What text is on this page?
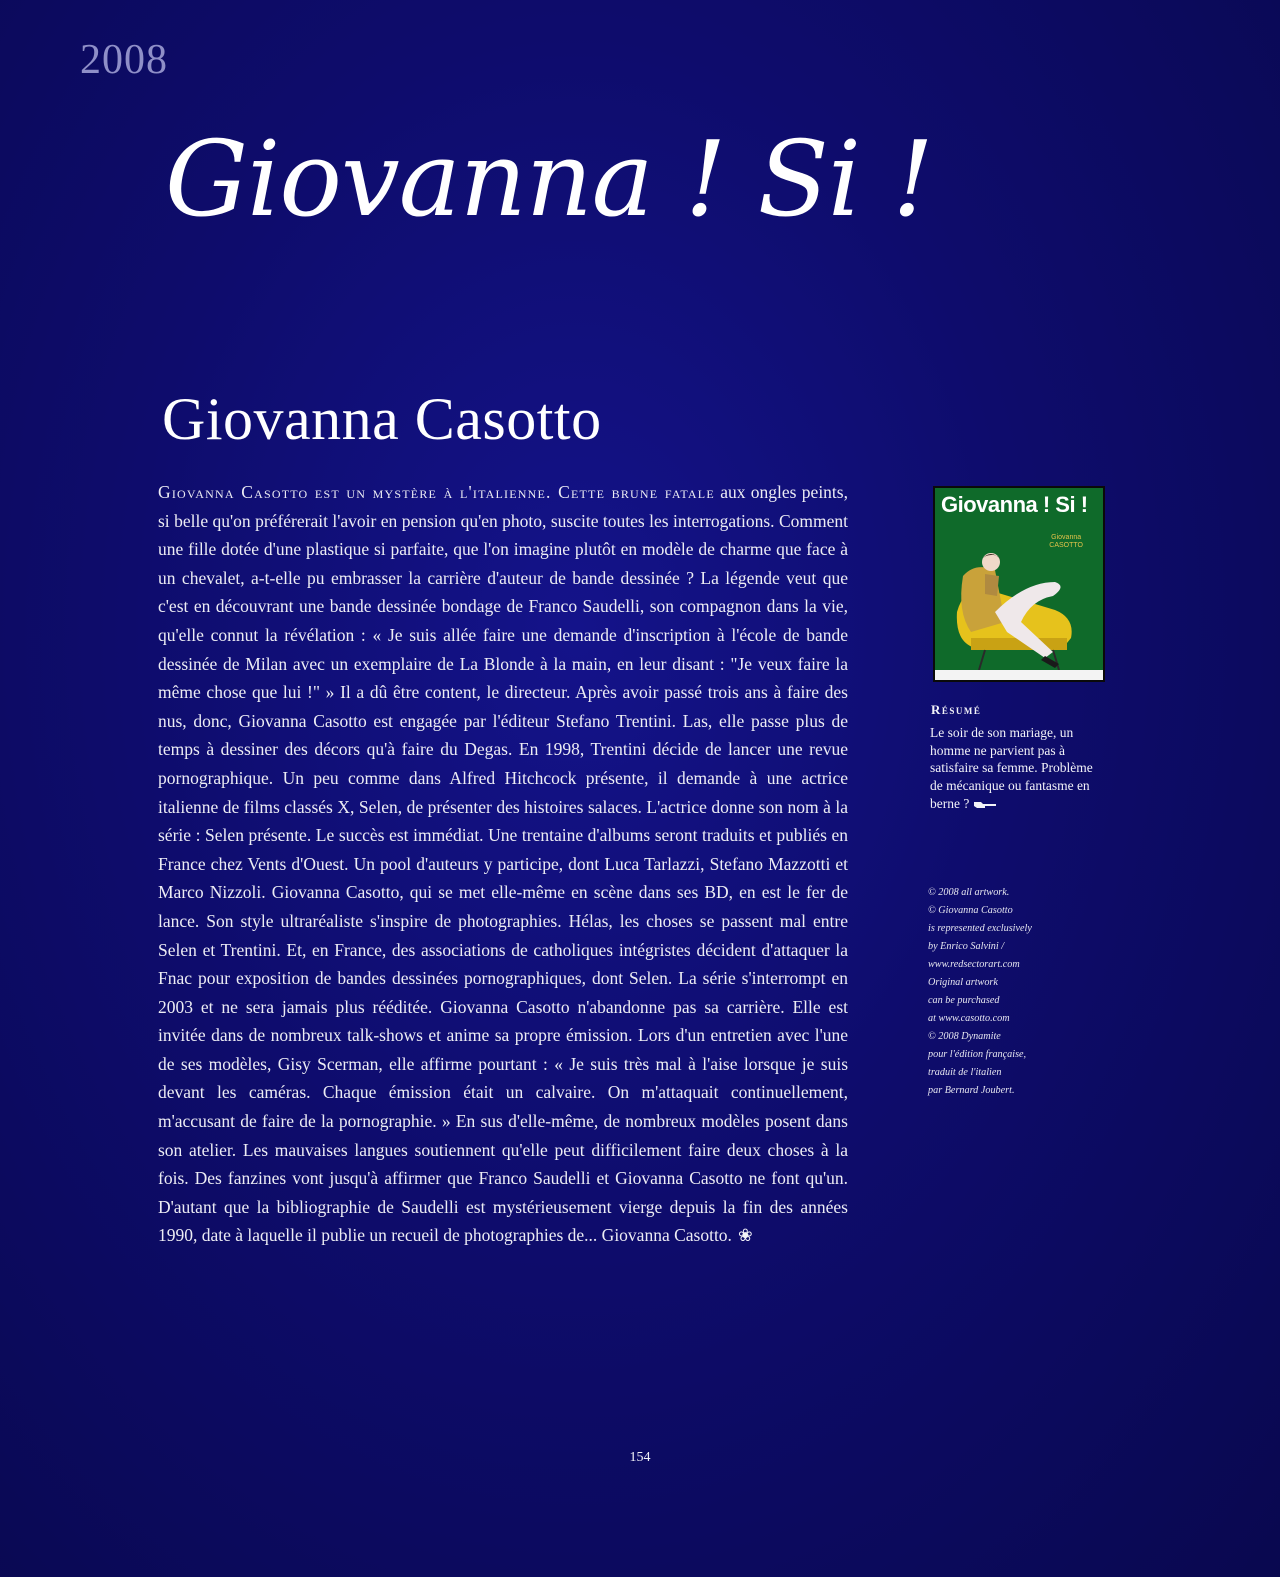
2008
Giovanna ! Si !
Giovanna Casotto
Giovanna Casotto est un mystère à l'italienne. Cette brune fatale aux ongles peints, si belle qu'on préférerait l'avoir en pension qu'en photo, suscite toutes les interrogations. Comment une fille dotée d'une plastique si parfaite, que l'on imagine plutôt en modèle de charme que face à un chevalet, a-t-elle pu embrasser la carrière d'auteur de bande dessinée ? La légende veut que c'est en découvrant une bande dessinée bondage de Franco Saudelli, son compagnon dans la vie, qu'elle connut la révélation : « Je suis allée faire une demande d'inscription à l'école de bande dessinée de Milan avec un exemplaire de La Blonde à la main, en leur disant : "Je veux faire la même chose que lui !" » Il a dû être content, le directeur. Après avoir passé trois ans à faire des nus, donc, Giovanna Casotto est engagée par l'éditeur Stefano Trentini. Las, elle passe plus de temps à dessiner des décors qu'à faire du Degas. En 1998, Trentini décide de lancer une revue pornographique. Un peu comme dans Alfred Hitchcock présente, il demande à une actrice italienne de films classés X, Selen, de présenter des histoires salaces. L'actrice donne son nom à la série : Selen présente. Le succès est immédiat. Une trentaine d'albums seront traduits et publiés en France chez Vents d'Ouest. Un pool d'auteurs y participe, dont Luca Tarlazzi, Stefano Mazzotti et Marco Nizzoli. Giovanna Casotto, qui se met elle-même en scène dans ses BD, en est le fer de lance. Son style ultraréaliste s'inspire de photographies. Hélas, les choses se passent mal entre Selen et Trentini. Et, en France, des associations de catholiques intégristes décident d'attaquer la Fnac pour exposition de bandes dessinées pornographiques, dont Selen. La série s'interrompt en 2003 et ne sera jamais plus rééditée. Giovanna Casotto n'abandonne pas sa carrière. Elle est invitée dans de nombreux talk-shows et anime sa propre émission. Lors d'un entretien avec l'une de ses modèles, Gisy Scerman, elle affirme pourtant : « Je suis très mal à l'aise lorsque je suis devant les caméras. Chaque émission était un calvaire. On m'attaquait continuellement, m'accusant de faire de la pornographie. » En sus d'elle-même, de nombreux modèles posent dans son atelier. Les mauvaises langues soutiennent qu'elle peut difficilement faire deux choses à la fois. Des fanzines vont jusqu'à affirmer que Franco Saudelli et Giovanna Casotto ne font qu'un. D'autant que la bibliographie de Saudelli est mystérieusement vierge depuis la fin des années 1990, date à laquelle il publie un recueil de photographies de... Giovanna Casotto. ❀
Giovanna ! Si !
Giovanna
CASOTTO
Résumé
Le soir de son mariage, un homme ne parvient pas à satisfaire sa femme. Problème de mécanique ou fantasme en berne ?
© 2008 all artwork.
© Giovanna Casotto
is represented exclusively
by Enrico Salvini /
www.redsectorart.com
Original artwork
can be purchased
at www.casotto.com
© 2008 Dynamite
pour l'édition française,
traduit de l'italien
par Bernard Joubert.
154
